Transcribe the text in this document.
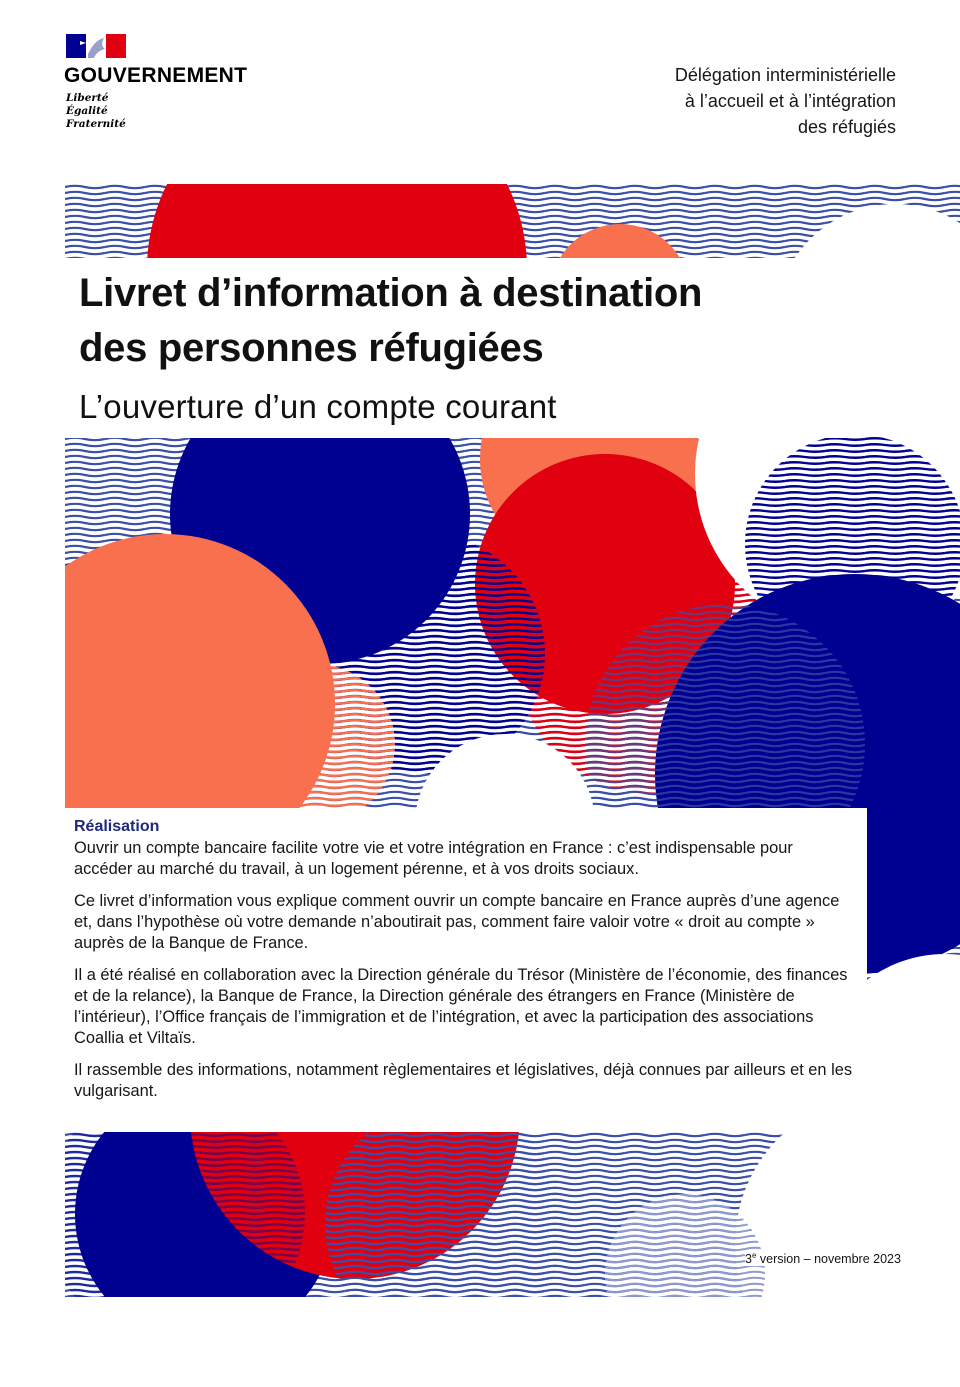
GOUVERNEMENT
Liberté
Égalité
Fraternité
Délégation interministérielle
à l’accueil et à l’intégration
des réfugiés
Livret d’information à destination
des personnes réfugiées
L’ouverture d’un compte courant
Réalisation

Ouvrir un compte bancaire facilite votre vie et votre intégration en France : c’est indispensable pour accéder au marché du travail, à un logement pérenne, et à vos droits sociaux.

Ce livret d’information vous explique comment ouvrir un compte bancaire en France auprès d’une agence et, dans l’hypothèse où votre demande n’aboutirait pas, comment faire valoir votre « droit au compte » auprès de la Banque de France.

Il a été réalisé en collaboration avec la Direction générale du Trésor (Ministère de l’économie, des finances et de la relance), la Banque de France, la Direction générale des étrangers en France (Ministère de l’intérieur), l’Office français de l’immigration et de l’intégration, et avec la participation des associations Coallia et Viltaïs.

Il rassemble des informations, notamment règlementaires et législatives, déjà connues par ailleurs et en les vulgarisant.

3e version – novembre 2023
